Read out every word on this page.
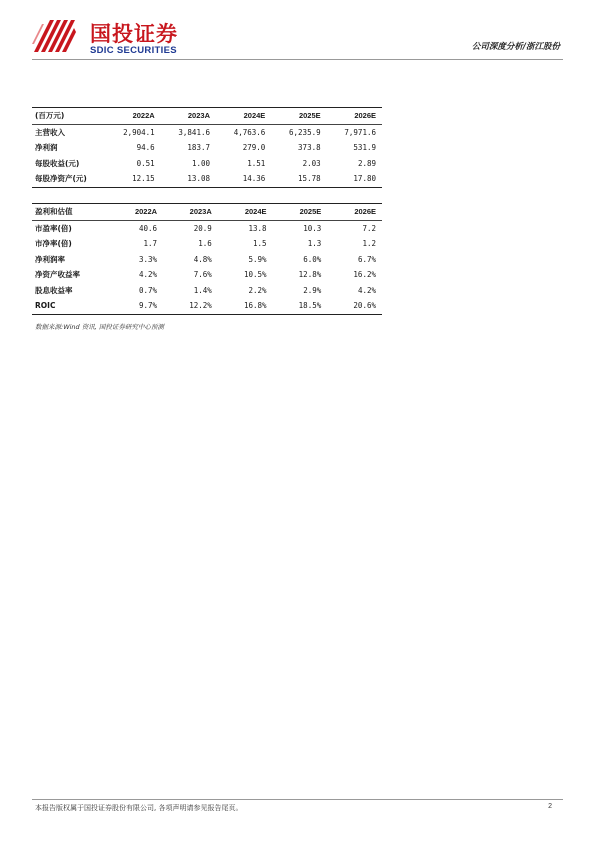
国投证券
SDIC SECURITIES	公司深度分析/浙江股份
(百万元)	2022A	2023A	2024E	2025E	2026E
主营收入	2,904.1	3,841.6	4,763.6	6,235.9	7,971.6
净利润	94.6	183.7	279.0	373.8	531.9
每股收益(元)	0.51	1.00	1.51	2.03	2.89
每股净资产(元)	12.15	13.08	14.36	15.78	17.80
盈利和估值	2022A	2023A	2024E	2025E	2026E
市盈率(倍)	40.6	20.9	13.8	10.3	7.2
市净率(倍)	1.7	1.6	1.5	1.3	1.2
净利润率	3.3%	4.8%	5.9%	6.0%	6.7%
净资产收益率	4.2%	7.6%	10.5%	12.8%	16.2%
股息收益率	0.7%	1.4%	2.2%	2.9%	4.2%
ROIC	9.7%	12.2%	16.8%	18.5%	20.6%
数据来源:Wind 资讯, 国投证券研究中心预测
本报告版权属于国投证券股份有限公司, 各项声明请参见报告尾页。	2
